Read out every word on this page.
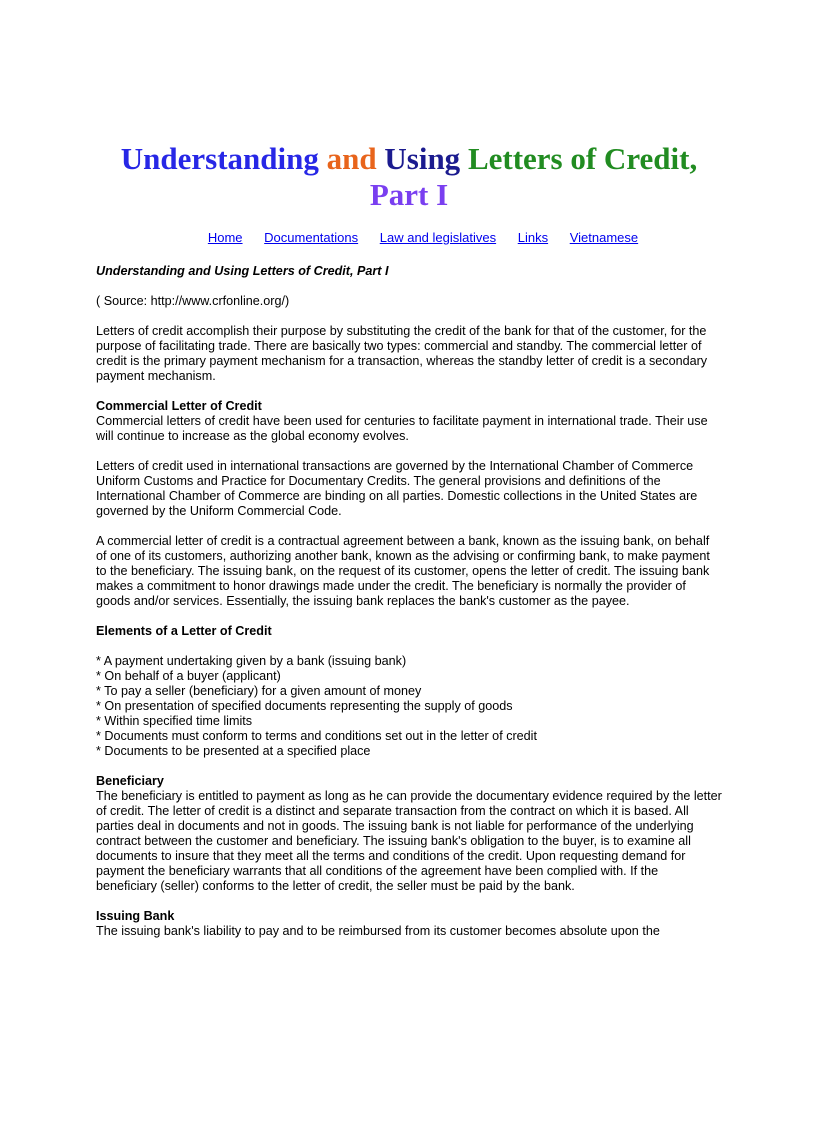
Understanding and Using Letters of Credit,
Part I
Home Documentations Law and legislatives Links Vietnamese

Understanding and Using Letters of Credit, Part I

( Source: http://www.crfonline.org/)

Letters of credit accomplish their purpose by substituting the credit of the bank for that of the customer, for the purpose of facilitating trade. There are basically two types: commercial and standby. The commercial letter of credit is the primary payment mechanism for a transaction, whereas the standby letter of credit is a secondary payment mechanism.

Commercial Letter of Credit

Commercial letters of credit have been used for centuries to facilitate payment in international trade. Their use will continue to increase as the global economy evolves.

Letters of credit used in international transactions are governed by the International Chamber of Commerce Uniform Customs and Practice for Documentary Credits. The general provisions and definitions of the International Chamber of Commerce are binding on all parties. Domestic collections in the United States are governed by the Uniform Commercial Code.

A commercial letter of credit is a contractual agreement between a bank, known as the issuing bank, on behalf of one of its customers, authorizing another bank, known as the advising or confirming bank, to make payment to the beneficiary. The issuing bank, on the request of its customer, opens the letter of credit. The issuing bank makes a commitment to honor drawings made under the credit. The beneficiary is normally the provider of goods and/or services. Essentially, the issuing bank replaces the bank's customer as the payee.

Elements of a Letter of Credit
* A payment undertaking given by a bank (issuing bank)
* On behalf of a buyer (applicant)
* To pay a seller (beneficiary) for a given amount of money
* On presentation of specified documents representing the supply of goods
* Within specified time limits
* Documents must conform to terms and conditions set out in the letter of credit
* Documents to be presented at a specified place
Beneficiary

The beneficiary is entitled to payment as long as he can provide the documentary evidence required by the letter of credit. The letter of credit is a distinct and separate transaction from the contract on which it is based. All parties deal in documents and not in goods. The issuing bank is not liable for performance of the underlying contract between the customer and beneficiary. The issuing bank's obligation to the buyer, is to examine all documents to insure that they meet all the terms and conditions of the credit. Upon requesting demand for payment the beneficiary warrants that all conditions of the agreement have been complied with. If the beneficiary (seller) conforms to the letter of credit, the seller must be paid by the bank.

Issuing Bank

The issuing bank's liability to pay and to be reimbursed from its customer becomes absolute upon the
